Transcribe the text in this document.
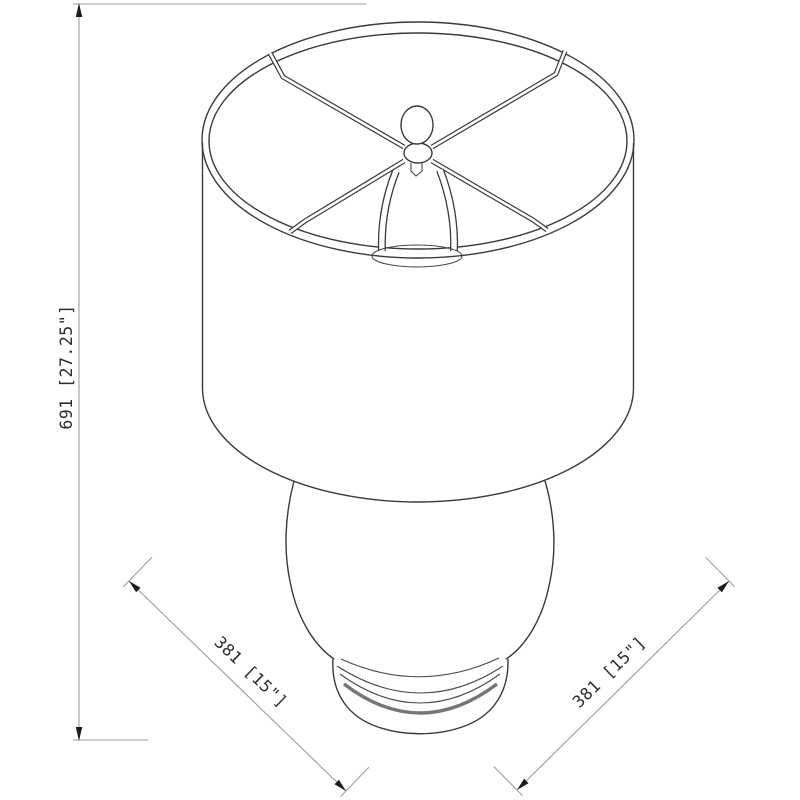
691 [27.25"]
381 [15"]	381 [15"]
